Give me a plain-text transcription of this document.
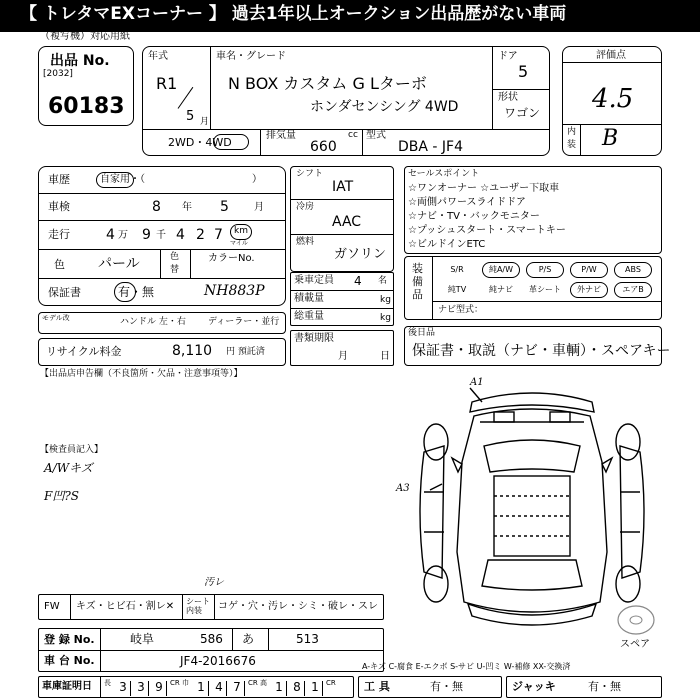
【 トレタマEXコーナー 】 過去1年以上オークション出品歴がない車両
（複写機）対応用紙
出品 No.
[2032]
60183
年式
R1
5 月
車名・グレード
N BOX カスタム G Lターボ
ホンダセンシング 4WD
ドア
5
形状
ワゴン
2WD・4WD
排気量	cc
660
型式
DBA - JF4
評価点
4.5
内
装 B
車歴	自家用・（	）
車検	8 年 5	月
走行	4 万 9 千 4 2 7 km
マイル
色 パール	色
替
カラーNo.
保証書	有・無	NH883P
モデル改	ハンドル 左・右 ディーラー・並行
リサイクル料金	8,110 円 預託済
シフト
IAT
冷房
AAC
燃料
ガソリン
乗車定員 4 名
積載量	kg
総重量	kg
書類期限
月	日
セールスポイント
☆ワンオーナー ☆ユーザー下取車
☆両側パワースライドドア
☆ナビ・TV・バックモニター
☆プッシュスタート・スマートキー
☆ビルドインETC
装備品
S/R	純A/W	P/S	P/W	ABS
純TV	純ナビ	革シート	外ナビ	エアB
ナビ型式：
後日品
保証書・取説（ナビ・車輌）・スペアキー
【出品店申告欄（不良箇所・欠品・注意事項等）】
【検査員記入】
A/Wキズ
F凹?S
A1
A3
スペア
FW キズ・ヒビ石・割レ✕ シート内装	コゲ・穴・汚レ・シミ・破レ・スレ
汚レ
登 録 No.	岐阜	586 あ	513
車 台 No.	JF4-2016676	A-キズ C-腐食 E-エクボ S-サビ U-凹ミ W-補修 XX-交換済
車庫証明日 長 3 3 9	CR 巾 1 4 7	CR 高 1 8 1	CR	工 具	有・無	ジャッキ	有・無
